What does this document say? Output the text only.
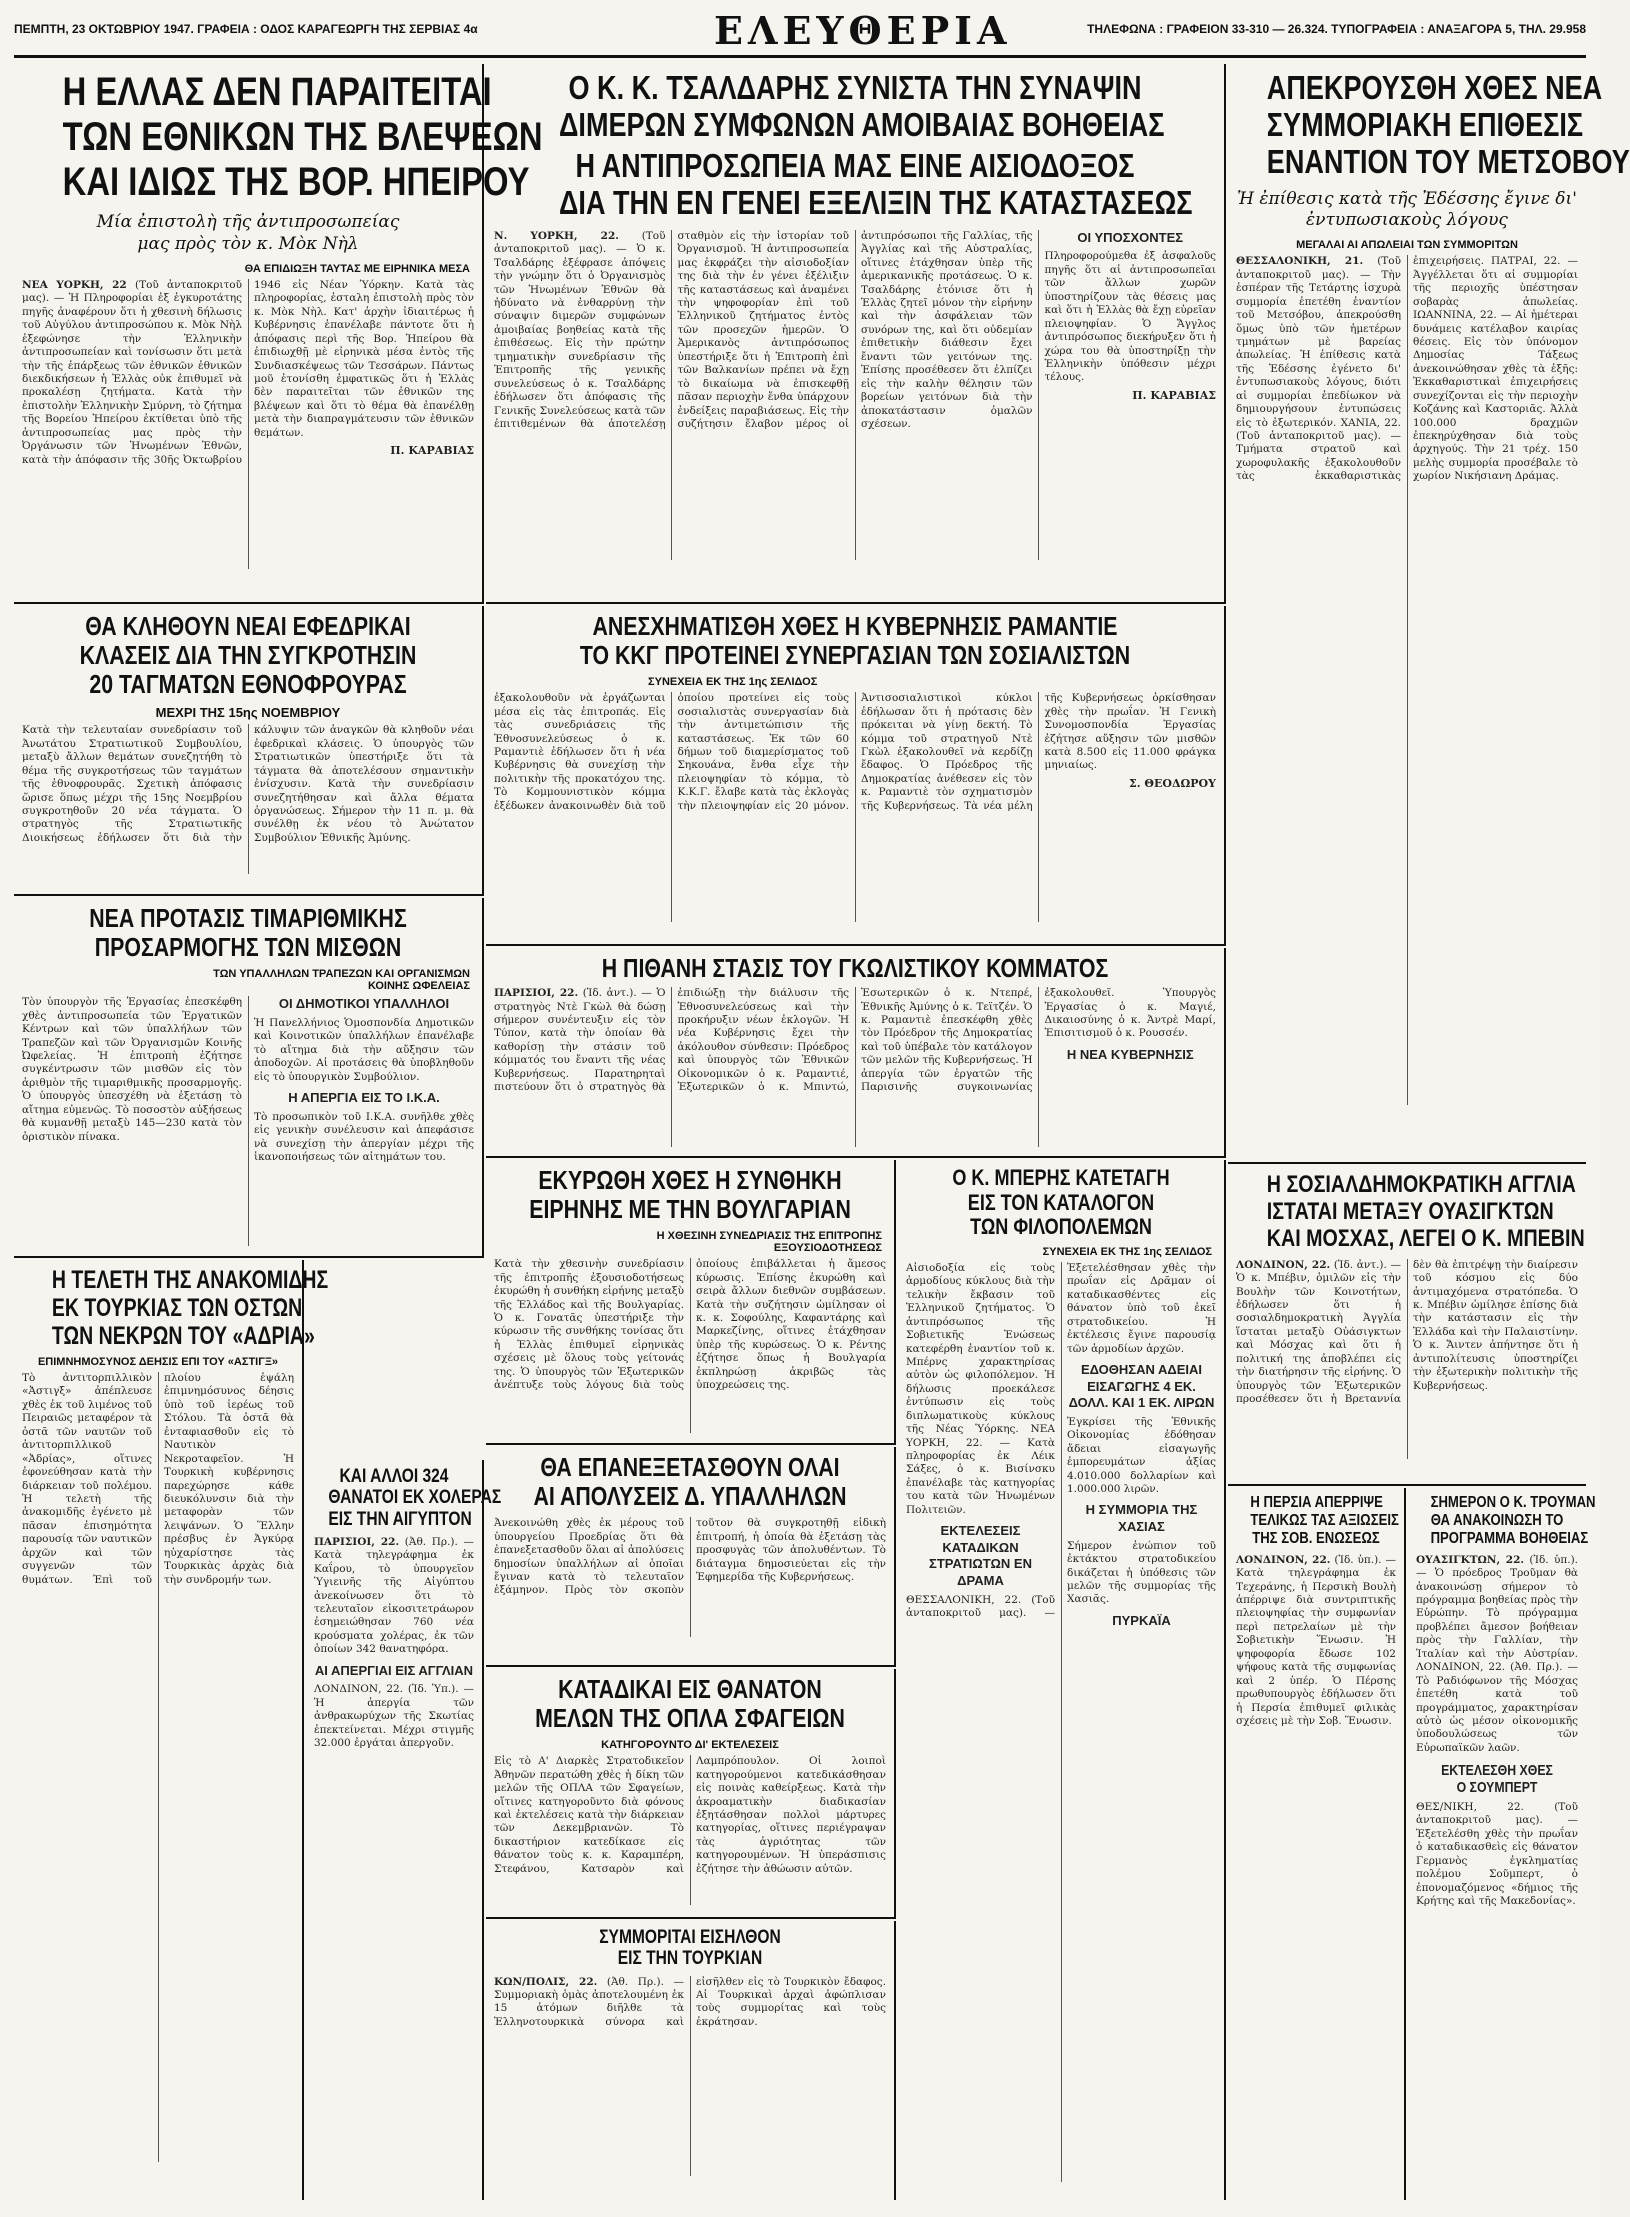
ΠΕΜΠΤΗ, 23 ΟΚΤΩΒΡΙΟΥ 1947. ΓΡΑΦΕΙΑ : ΟΔΟΣ ΚΑΡΑΓΕΩΡΓΗ ΤΗΣ ΣΕΡΒΙΑΣ 4α	ΕΛΕΥΘΕΡΙΑ	ΤΗΛΕΦΩΝΑ : ΓΡΑΦΕΙΟΝ 33-310 — 26.324. ΤΥΠΟΓΡΑΦΕΙΑ : ΑΝΑΞΑΓΟΡΑ 5, ΤΗΛ. 29.958
Η ΕΛΛΑΣ ΔΕΝ ΠΑΡΑΙΤΕΙΤΑΙ
ΤΩΝ ΕΘΝΙΚΩΝ ΤΗΣ ΒΛΕΨΕΩΝ
ΚΑΙ ΙΔΙΩΣ ΤΗΣ ΒΟΡ. ΗΠΕΙΡΟΥ
Μία ἐπιστολὴ τῆς ἀντιπροσωπείας μας πρὸς τὸν κ. Μὸκ Νὴλ
ΘΑ ΕΠΙΔΙΩΞΗ ΤΑΥΤΑΣ ΜΕ ΕΙΡΗΝΙΚΑ ΜΕΣΑ
ΝΕΑ ΥΟΡΚΗ, 22 (Τοῦ ἀνταποκριτοῦ μας). — Ἡ Πληροφορίαι ἐξ ἐγκυροτάτης πηγῆς ἀναφέρουν ὅτι ἡ χθεσινὴ δήλωσις τοῦ Αὐγύλου ἀντιπροσώπου κ. Μὸκ Νὴλ ἐξεφώνησε τὴν Ἑλληνικὴν ἀντιπροσωπείαν καὶ τονίσωσιν ὅτι μετὰ τὴν τῆς ἐπάρξεως τῶν ἐθνικῶν ἐθνικῶν διεκδικήσεων ἡ Ἑλλὰς οὐκ ἐπιθυμεῖ νὰ προκαλέσῃ ζητήματα. Κατὰ τὴν ἐπιστολὴν Ἑλληνικὴν Σμύρνη, τὸ ζήτημα τῆς Βορείου Ἠπείρου ἐκτίθεται ὑπὸ τῆς ἀντιπροσωπείας μας πρὸς τὴν Ὀργάνωσιν τῶν Ἡνωμένων Ἐθνῶν, κατὰ τὴν ἀπόφασιν τῆς 30ῆς Ὀκτωβρίου 1946 εἰς Νέαν Ὑόρκην. Κατὰ τὰς πληροφορίας, ἐσταλη ἐπιστολὴ πρὸς τὸν κ. Μὸκ Νὴλ. Κατ' ἀρχὴν ἰδιαιτέρως ἡ Κυβέρνησις ἐπανέλαβε πάντοτε ὅτι ἡ ἀπόφασις περὶ τῆς Βορ. Ἠπείρου θὰ ἐπιδιωχθῇ μὲ εἰρηνικὰ μέσα ἐντὸς τῆς Συνδιασκέψεως τῶν Τεσσάρων. Πάντως μοῦ ἐτονίσθη ἐμφατικῶς ὅτι ἡ Ἑλλὰς δὲν παραιτεῖται τῶν ἐθνικῶν της βλέψεων καὶ ὅτι τὸ θέμα θὰ ἐπανέλθῃ μετὰ τὴν διαπραγμάτευσιν τῶν ἐθνικῶν θεμάτων.
Π. ΚΑΡΑΒΙΑΣ
Ο Κ. Κ. ΤΣΑΛΔΑΡΗΣ ΣΥΝΙΣΤΑ ΤΗΝ ΣΥΝΑΨΙΝ
ΔΙΜΕΡΩΝ ΣΥΜΦΩΝΩΝ ΑΜΟΙΒΑΙΑΣ ΒΟΗΘΕΙΑΣ
Η ΑΝΤΙΠΡΟΣΩΠΕΙΑ ΜΑΣ ΕΙΝΕ ΑΙΣΙΟΔΟΞΟΣ
ΔΙΑ ΤΗΝ ΕΝ ΓΕΝΕΙ ΕΞΕΛΙΞΙΝ ΤΗΣ ΚΑΤΑΣΤΑΣΕΩΣ
Ν. ΥΟΡΚΗ, 22. (Τοῦ ἀνταποκριτοῦ μας). — Ὁ κ. Τσαλδάρης ἐξέφρασε ἀπόψεις τὴν γνώμην ὅτι ὁ Ὀργανισμὸς τῶν Ἡνωμένων Ἐθνῶν θὰ ἠδύνατο νὰ ἐνθαρρύνῃ τὴν σύναψιν διμερῶν συμφώνων ἀμοιβαίας βοηθείας κατὰ τῆς ἐπιθέσεως. Εἰς τὴν πρώτην τμηματικὴν συνεδρίασιν τῆς Ἐπιτροπῆς τῆς γενικῆς συνελεύσεως ὁ κ. Τσαλδάρης ἐδήλωσεν ὅτι ἀπόφασις τῆς Γενικῆς Συνελεύσεως κατὰ τῶν ἐπιτιθεμένων θὰ ἀποτελέσῃ σταθμὸν εἰς τὴν ἱστορίαν τοῦ Ὀργανισμοῦ. Ἡ ἀντιπροσωπεία μας ἐκφράζει τὴν αἰσιοδοξίαν της διὰ τὴν ἐν γένει ἐξέλιξιν τῆς καταστάσεως καὶ ἀναμένει τὴν ψηφοφορίαν ἐπὶ τοῦ Ἑλληνικοῦ ζητήματος ἐντὸς τῶν προσεχῶν ἡμερῶν. Ὁ Ἀμερικανὸς ἀντιπρόσωπος ὑπεστήριξε ὅτι ἡ Ἐπιτροπὴ ἐπὶ τῶν Βαλκανίων πρέπει νὰ ἔχῃ τὸ δικαίωμα νὰ ἐπισκεφθῇ πᾶσαν περιοχὴν ἔνθα ὑπάρχουν ἐνδείξεις παραβιάσεως. Εἰς τὴν συζήτησιν ἔλαβον μέρος οἱ ἀντιπρόσωποι τῆς Γαλλίας, τῆς Ἀγγλίας καὶ τῆς Αὐστραλίας, οἵτινες ἐτάχθησαν ὑπὲρ τῆς ἀμερικανικῆς προτάσεως. Ὁ κ. Τσαλδάρης ἐτόνισε ὅτι ἡ Ἑλλὰς ζητεῖ μόνον τὴν εἰρήνην καὶ τὴν ἀσφάλειαν τῶν συνόρων της, καὶ ὅτι οὐδεμίαν ἐπιθετικὴν διάθεσιν ἔχει ἔναντι τῶν γειτόνων της. Ἐπίσης προσέθεσεν ὅτι ἐλπίζει εἰς τὴν καλὴν θέλησιν τῶν βορείων γειτόνων διὰ τὴν ἀποκατάστασιν ὁμαλῶν σχέσεων.
ΟΙ ΥΠΟΣΧΟΝΤΕΣ
Πληροφορούμεθα ἐξ ἀσφαλοῦς πηγῆς ὅτι αἱ ἀντιπροσωπεῖαι τῶν ἄλλων χωρῶν ὑποστηρίζουν τὰς θέσεις μας καὶ ὅτι ἡ Ἑλλὰς θὰ ἔχῃ εὐρεῖαν πλειοψηφίαν. Ὁ Ἄγγλος ἀντιπρόσωπος διεκήρυξεν ὅτι ἡ χώρα του θὰ ὑποστηρίξῃ τὴν Ἑλληνικὴν ὑπόθεσιν μέχρι τέλους.
Π. ΚΑΡΑΒΙΑΣ
ΑΠΕΚΡΟΥΣΘΗ ΧΘΕΣ ΝΕΑ
ΣΥΜΜΟΡΙΑΚΗ ΕΠΙΘΕΣΙΣ
ΕΝΑΝΤΙΟΝ ΤΟΥ ΜΕΤΣΟΒΟΥ
Ἡ ἐπίθεσις κατὰ τῆς Ἐδέσσης ἔγινε δι' ἐντυπωσιακοὺς λόγους
ΜΕΓΑΛΑΙ ΑΙ ΑΠΩΛΕΙΑΙ ΤΩΝ ΣΥΜΜΟΡΙΤΩΝ
ΘΕΣΣΑΛΟΝΙΚΗ, 21. (Τοῦ ἀνταποκριτοῦ μας). — Τὴν ἑσπέραν τῆς Τετάρτης ἰσχυρὰ συμμορία ἐπετέθη ἐναντίον τοῦ Μετσόβου, ἀπεκρούσθη ὅμως ὑπὸ τῶν ἡμετέρων τμημάτων μὲ βαρείας ἀπωλείας. Ἡ ἐπίθεσις κατὰ τῆς Ἐδέσσης ἐγένετο δι' ἐντυπωσιακοὺς λόγους, διότι αἱ συμμορίαι ἐπεδίωκον νὰ δημιουργήσουν ἐντυπώσεις εἰς τὸ ἐξωτερικόν. ΧΑΝΙΑ, 22. (Τοῦ ἀνταποκριτοῦ μας). — Τμήματα στρατοῦ καὶ χωροφυλακῆς ἐξακολουθοῦν τὰς ἐκκαθαριστικὰς ἐπιχειρήσεις. ΠΑΤΡΑΙ, 22. — Ἀγγέλλεται ὅτι αἱ συμμορίαι τῆς περιοχῆς ὑπέστησαν σοβαρὰς ἀπωλείας. ΙΩΑΝΝΙΝΑ, 22. — Αἱ ἡμέτεραι δυνάμεις κατέλαβον καιρίας θέσεις. Εἰς τὸν ὑπόνομον Δημοσίας Τάξεως ἀνεκοινώθησαν χθὲς τὰ ἑξῆς: Ἐκκαθαριστικαὶ ἐπιχειρήσεις συνεχίζονται εἰς τὴν περιοχὴν Κοζάνης καὶ Καστοριᾶς. Ἀλλὰ 100.000 δραχμῶν ἐπεκηρύχθησαν διὰ τοὺς ἀρχηγούς. Τὴν 21 τρέχ. 150 μελὴς συμμορία προσέβαλε τὸ χωρίον Νικήσιανη Δράμας.
ΘΑ ΚΛΗΘΟΥΝ ΝΕΑΙ ΕΦΕΔΡΙΚΑΙ
ΚΛΑΣΕΙΣ ΔΙΑ ΤΗΝ ΣΥΓΚΡΟΤΗΣΙΝ
20 ΤΑΓΜΑΤΩΝ ΕΘΝΟΦΡΟΥΡΑΣ
ΜΕΧΡΙ ΤΗΣ 15ης ΝΟΕΜΒΡΙΟΥ
Κατὰ τὴν τελευταίαν συνεδρίασιν τοῦ Ἀνωτάτου Στρατιωτικοῦ Συμβουλίου, μεταξὺ ἄλλων θεμάτων συνεζητήθη τὸ θέμα τῆς συγκροτήσεως τῶν ταγμάτων τῆς ἐθνοφρουρᾶς. Σχετικὴ ἀπόφασις ὥρισε ὅπως μέχρι τῆς 15ης Νοεμβρίου συγκροτηθοῦν 20 νέα τάγματα. Ὁ στρατηγὸς τῆς Στρατιωτικῆς Διοικήσεως ἐδήλωσεν ὅτι διὰ τὴν κάλυψιν τῶν ἀναγκῶν θὰ κληθοῦν νέαι ἐφεδρικαὶ κλάσεις. Ὁ ὑπουργὸς τῶν Στρατιωτικῶν ὑπεστήριξε ὅτι τὰ τάγματα θὰ ἀποτελέσουν σημαντικὴν ἐνίσχυσιν. Κατὰ τὴν συνεδρίασιν συνεζητήθησαν καὶ ἄλλα θέματα ὀργανώσεως. Σήμερον τὴν 11 π. μ. θὰ συνέλθῃ ἐκ νέου τὸ Ἀνώτατον Συμβούλιον Ἐθνικῆς Ἀμύνης.
ΑΝΕΣΧΗΜΑΤΙΣΘΗ ΧΘΕΣ Η ΚΥΒΕΡΝΗΣΙΣ ΡΑΜΑΝΤΙΕ
ΤΟ ΚΚΓ ΠΡΟΤΕΙΝΕΙ ΣΥΝΕΡΓΑΣΙΑΝ ΤΩΝ ΣΟΣΙΑΛΙΣΤΩΝ
ΣΥΝΕΧΕΙΑ ΕΚ ΤΗΣ 1ης ΣΕΛΙΔΟΣ
ἐξακολουθοῦν νὰ ἐργάζωνται μέσα εἰς τὰς ἐπιτροπάς. Εἰς τὰς συνεδριάσεις τῆς Ἐθνοσυνελεύσεως ὁ κ. Ραμαντιὲ ἐδήλωσεν ὅτι ἡ νέα Κυβέρνησις θὰ συνεχίσῃ τὴν πολιτικὴν τῆς προκατόχου της. Τὸ Κομμουνιστικὸν κόμμα ἐξέδωκεν ἀνακοινωθὲν διὰ τοῦ ὁποίου προτείνει εἰς τοὺς σοσιαλιστὰς συνεργασίαν διὰ τὴν ἀντιμετώπισιν τῆς καταστάσεως. Ἐκ τῶν 60 δήμων τοῦ διαμερίσματος τοῦ Σηκουάνα, ἔνθα εἶχε τὴν πλειοψηφίαν τὸ κόμμα, τὸ Κ.Κ.Γ. ἔλαβε κατὰ τὰς ἐκλογὰς τὴν πλειοψηφίαν εἰς 20 μόνον. Ἀντισοσιαλιστικοὶ κύκλοι ἐδήλωσαν ὅτι ἡ πρότασις δὲν πρόκειται νὰ γίνῃ δεκτή. Τὸ κόμμα τοῦ στρατηγοῦ Ντὲ Γκὼλ ἐξακολουθεῖ νὰ κερδίζῃ ἔδαφος. Ὁ Πρόεδρος τῆς Δημοκρατίας ἀνέθεσεν εἰς τὸν κ. Ραμαντιὲ τὸν σχηματισμὸν τῆς Κυβερνήσεως. Τὰ νέα μέλη τῆς Κυβερνήσεως ὁρκίσθησαν χθὲς τὴν πρωΐαν. Ἡ Γενικὴ Συνομοσπονδία Ἐργασίας ἐζήτησε αὔξησιν τῶν μισθῶν κατὰ 8.500 εἰς 11.000 φράγκα μηνιαίως.
Σ. ΘΕΟΔΩΡΟΥ
ΝΕΑ ΠΡΟΤΑΣΙΣ ΤΙΜΑΡΙΘΜΙΚΗΣ
ΠΡΟΣΑΡΜΟΓΗΣ ΤΩΝ ΜΙΣΘΩΝ
ΤΩΝ ΥΠΑΛΛΗΛΩΝ ΤΡΑΠΕΖΩΝ ΚΑΙ ΟΡΓΑΝΙΣΜΩΝ ΚΟΙΝΗΣ ΩΦΕΛΕΙΑΣ
Τὸν ὑπουργὸν τῆς Ἐργασίας ἐπεσκέφθη χθὲς ἀντιπροσωπεία τῶν Ἐργατικῶν Κέντρων καὶ τῶν ὑπαλλήλων τῶν Τραπεζῶν καὶ τῶν Ὀργανισμῶν Κοινῆς Ὠφελείας. Ἡ ἐπιτροπὴ ἐζήτησε συγκέντρωσιν τῶν μισθῶν εἰς τὸν ἀριθμὸν τῆς τιμαριθμικῆς προσαρμογῆς. Ὁ ὑπουργὸς ὑπεσχέθη νὰ ἐξετάσῃ τὸ αἴτημα εὐμενῶς. Τὸ ποσοστὸν αὐξήσεως θὰ κυμανθῇ μεταξὺ 145—230 κατὰ τὸν ὁριστικὸν πίνακα.
ΟΙ ΔΗΜΟΤΙΚΟΙ ΥΠΑΛΛΗΛΟΙ
Ἡ Πανελλήνιος Ὁμοσπονδία Δημοτικῶν καὶ Κοινοτικῶν ὑπαλλήλων ἐπανέλαβε τὸ αἴτημα διὰ τὴν αὔξησιν τῶν ἀποδοχῶν. Αἱ προτάσεις θὰ ὑποβληθοῦν εἰς τὸ ὑπουργικὸν Συμβούλιον.
Η ΑΠΕΡΓΙΑ ΕΙΣ ΤΟ Ι.Κ.Α.
Τὸ προσωπικὸν τοῦ Ι.Κ.Α. συνῆλθε χθὲς εἰς γενικὴν συνέλευσιν καὶ ἀπεφάσισε νὰ συνεχίσῃ τὴν ἀπεργίαν μέχρι τῆς ἱκανοποιήσεως τῶν αἰτημάτων του.
Η ΠΙΘΑΝΗ ΣΤΑΣΙΣ ΤΟΥ ΓΚΩΛΙΣΤΙΚΟΥ ΚΟΜΜΑΤΟΣ
ΠΑΡΙΣΙΟΙ, 22. (Ἰδ. ἀντ.). — Ὁ στρατηγὸς Ντὲ Γκὼλ θὰ δώσῃ σήμερον συνέντευξιν εἰς τὸν Τύπον, κατὰ τὴν ὁποίαν θὰ καθορίσῃ τὴν στάσιν τοῦ κόμματός του ἔναντι τῆς νέας Κυβερνήσεως. Παρατηρηταὶ πιστεύουν ὅτι ὁ στρατηγὸς θὰ ἐπιδιώξῃ τὴν διάλυσιν τῆς Ἐθνοσυνελεύσεως καὶ τὴν προκήρυξιν νέων ἐκλογῶν. Ἡ νέα Κυβέρνησις ἔχει τὴν ἀκόλουθον σύνθεσιν: Πρόεδρος καὶ ὑπουργὸς τῶν Ἐθνικῶν Οἰκονομικῶν ὁ κ. Ραμαντιέ, Ἐξωτερικῶν ὁ κ. Μπιντώ, Ἐσωτερικῶν ὁ κ. Ντεπρέ, Ἐθνικῆς Ἀμύνης ὁ κ. Τεϊτζέν. Ὁ κ. Ραμαντιὲ ἐπεσκέφθη χθὲς τὸν Πρόεδρον τῆς Δημοκρατίας καὶ τοῦ ὑπέβαλε τὸν κατάλογον τῶν μελῶν τῆς Κυβερνήσεως. Ἡ ἀπεργία τῶν ἐργατῶν τῆς Παρισινῆς συγκοινωνίας ἐξακολουθεῖ. Ὑπουργὸς Ἐργασίας ὁ κ. Μαγιέ, Δικαιοσύνης ὁ κ. Ἀντρὲ Μαρί, Ἐπισιτισμοῦ ὁ κ. Ρουσσέν.
Η ΝΕΑ ΚΥΒΕΡΝΗΣΙΣ
ΕΚΥΡΩΘΗ ΧΘΕΣ Η ΣΥΝΘΗΚΗ
ΕΙΡΗΝΗΣ ΜΕ ΤΗΝ ΒΟΥΛΓΑΡΙΑΝ
Η ΧΘΕΣΙΝΗ ΣΥΝΕΔΡΙΑΣΙΣ ΤΗΣ ΕΠΙΤΡΟΠΗΣ ΕΞΟΥΣΙΟΔΟΤΗΣΕΩΣ
Κατὰ τὴν χθεσινὴν συνεδρίασιν τῆς ἐπιτροπῆς ἐξουσιοδοτήσεως ἐκυρώθη ἡ συνθήκη εἰρήνης μεταξὺ τῆς Ἑλλάδος καὶ τῆς Βουλγαρίας. Ὁ κ. Γονατᾶς ὑπεστήριξε τὴν κύρωσιν τῆς συνθήκης τονίσας ὅτι ἡ Ἑλλὰς ἐπιθυμεῖ εἰρηνικὰς σχέσεις μὲ ὅλους τοὺς γείτονάς της. Ὁ ὑπουργὸς τῶν Ἐξωτερικῶν ἀνέπτυξε τοὺς λόγους διὰ τοὺς ὁποίους ἐπιβάλλεται ἡ ἄμεσος κύρωσις. Ἐπίσης ἐκυρώθη καὶ σειρὰ ἄλλων διεθνῶν συμβάσεων. Κατὰ τὴν συζήτησιν ὡμίλησαν οἱ κ. κ. Σοφούλης, Καφαντάρης καὶ Μαρκεζίνης, οἵτινες ἐτάχθησαν ὑπὲρ τῆς κυρώσεως. Ὁ κ. Ρέντης ἐζήτησε ὅπως ἡ Βουλγαρία ἐκπληρώσῃ ἀκριβῶς τὰς ὑποχρεώσεις της.
Ο Κ. ΜΠΕΡΗΣ ΚΑΤΕΤΑΓΗ
ΕΙΣ ΤΟΝ ΚΑΤΑΛΟΓΟΝ
ΤΩΝ ΦΙΛΟΠΟΛΕΜΩΝ
ΣΥΝΕΧΕΙΑ ΕΚ ΤΗΣ 1ης ΣΕΛΙΔΟΣ
Αἰσιοδοξία εἰς τοὺς ἀρμοδίους κύκλους διὰ τὴν τελικὴν ἔκβασιν τοῦ Ἑλληνικοῦ ζητήματος. Ὁ ἀντιπρόσωπος τῆς Σοβιετικῆς Ἑνώσεως κατεφέρθη ἐναντίον τοῦ κ. Μπέρνς χαρακτηρίσας αὐτὸν ὡς φιλοπόλεμον. Ἡ δήλωσις προεκάλεσε ἐντύπωσιν εἰς τοὺς διπλωματικοὺς κύκλους τῆς Νέας Ὑόρκης. ΝΕΑ ΥΟΡΚΗ, 22. — Κατὰ πληροφορίας ἐκ Λέικ Σάξες, ὁ κ. Βισίνσκυ ἐπανέλαβε τὰς κατηγορίας του κατὰ τῶν Ἡνωμένων Πολιτειῶν.
ΕΚΤΕΛΕΣΕΙΣ ΚΑΤΑΔΙΚΩΝ ΣΤΡΑΤΙΩΤΩΝ ΕΝ ΔΡΑΜΑ
ΘΕΣΣΑΛΟΝΙΚΗ, 22. (Τοῦ ἀνταποκριτοῦ μας). — Ἐξετελέσθησαν χθὲς τὴν πρωΐαν εἰς Δρᾶμαν οἱ καταδικασθέντες εἰς θάνατον ὑπὸ τοῦ ἐκεῖ στρατοδικείου. Ἡ ἐκτέλεσις ἔγινε παρουσίᾳ τῶν ἀρμοδίων ἀρχῶν.
ΕΔΟΘΗΣΑΝ ΑΔΕΙΑΙ ΕΙΣΑΓΩΓΗΣ 4 ΕΚ. ΔΟΛΛ. ΚΑΙ 1 ΕΚ. ΛΙΡΩΝ
Ἐγκρίσει τῆς Ἐθνικῆς Οἰκονομίας ἐδόθησαν ἄδειαι εἰσαγωγῆς ἐμπορευμάτων ἀξίας 4.010.000 δολλαρίων καὶ 1.000.000 λιρῶν.
Η ΣΥΜΜΟΡΙΑ ΤΗΣ ΧΑΣΙΑΣ
Σήμερον ἐνώπιον τοῦ ἐκτάκτου στρατοδικείου δικάζεται ἡ ὑπόθεσις τῶν μελῶν τῆς συμμορίας τῆς Χασιᾶς.
ΠΥΡΚΑΪΑ
Η ΣΟΣΙΑΛΔΗΜΟΚΡΑΤΙΚΗ ΑΓΓΛΙΑ
ΙΣΤΑΤΑΙ ΜΕΤΑΞΥ ΟΥΑΣΙΓΚΤΩΝ
ΚΑΙ ΜΟΣΧΑΣ, ΛΕΓΕΙ Ο Κ. ΜΠΕΒΙΝ
ΛΟΝΔΙΝΟΝ, 22. (Ἰδ. ἀντ.). — Ὁ κ. Μπέβιν, ὁμιλῶν εἰς τὴν Βουλὴν τῶν Κοινοτήτων, ἐδήλωσεν ὅτι ἡ σοσιαλδημοκρατικὴ Ἀγγλία ἵσταται μεταξὺ Οὐάσιγκτων καὶ Μόσχας καὶ ὅτι ἡ πολιτική της ἀποβλέπει εἰς τὴν διατήρησιν τῆς εἰρήνης. Ὁ ὑπουργὸς τῶν Ἐξωτερικῶν προσέθεσεν ὅτι ἡ Βρεταννία δὲν θὰ ἐπιτρέψῃ τὴν διαίρεσιν τοῦ κόσμου εἰς δύο ἀντιμαχόμενα στρατόπεδα. Ὁ κ. Μπέβιν ὡμίλησε ἐπίσης διὰ τὴν κατάστασιν εἰς τὴν Ἑλλάδα καὶ τὴν Παλαιστίνην. Ὁ κ. Ἄιντεν ἀπήντησε ὅτι ἡ ἀντιπολίτευσις ὑποστηρίζει τὴν ἐξωτερικὴν πολιτικὴν τῆς Κυβερνήσεως.
ΘΑ ΕΠΑΝΕΞΕΤΑΣΘΟΥΝ ΟΛΑΙ
ΑΙ ΑΠΟΛΥΣΕΙΣ Δ. ΥΠΑΛΛΗΛΩΝ
Ἀνεκοινώθη χθὲς ἐκ μέρους τοῦ ὑπουργείου Προεδρίας ὅτι θὰ ἐπανεξετασθοῦν ὅλαι αἱ ἀπολύσεις δημοσίων ὑπαλλήλων αἱ ὁποῖαι ἔγιναν κατὰ τὸ τελευταῖον ἑξάμηνον. Πρὸς τὸν σκοπὸν τοῦτον θὰ συγκροτηθῇ εἰδικὴ ἐπιτροπή, ἡ ὁποία θὰ ἐξετάσῃ τὰς προσφυγὰς τῶν ἀπολυθέντων. Τὸ διάταγμα δημοσιεύεται εἰς τὴν Ἐφημερίδα τῆς Κυβερνήσεως.
Η ΤΕΛΕΤΗ ΤΗΣ ΑΝΑΚΟΜΙΔΗΣ
ΕΚ ΤΟΥΡΚΙΑΣ ΤΩΝ ΟΣΤΩΝ
ΤΩΝ ΝΕΚΡΩΝ ΤΟΥ «ΑΔΡΙΑ»
ΕΠΙΜΝΗΜΟΣΥΝΟΣ ΔΕΗΣΙΣ ΕΠΙ ΤΟΥ «ΑΣΤΙΓΞ»
Τὸ ἀντιτορπιλλικὸν «Ἀστιγξ» ἀπέπλευσε χθὲς ἐκ τοῦ λιμένος τοῦ Πειραιῶς μεταφέρον τὰ ὀστᾶ τῶν ναυτῶν τοῦ ἀντιτορπιλλικοῦ «Ἀδρίας», οἵτινες ἐφονεύθησαν κατὰ τὴν διάρκειαν τοῦ πολέμου. Ἡ τελετὴ τῆς ἀνακομιδῆς ἐγένετο μὲ πᾶσαν ἐπισημότητα παρουσίᾳ τῶν ναυτικῶν ἀρχῶν καὶ τῶν συγγενῶν τῶν θυμάτων. Ἐπὶ τοῦ πλοίου ἐψάλη ἐπιμνημόσυνος δέησις ὑπὸ τοῦ ἱερέως τοῦ Στόλου. Τὰ ὀστᾶ θὰ ἐνταφιασθοῦν εἰς τὸ Ναυτικὸν Νεκροταφεῖον. Ἡ Τουρκικὴ κυβέρνησις παρεχώρησε κάθε διευκόλυνσιν διὰ τὴν μεταφορὰν τῶν λειψάνων. Ὁ Ἕλλην πρέσβυς ἐν Ἀγκύρᾳ ηὐχαρίστησε τὰς Τουρκικὰς ἀρχὰς διὰ τὴν συνδρομήν των.
ΚΑΙ ΑΛΛΟΙ 324
ΘΑΝΑΤΟΙ ΕΚ ΧΟΛΕΡΑΣ
ΕΙΣ ΤΗΝ ΑΙΓΥΠΤΟΝ
ΠΑΡΙΣΙΟΙ, 22. (Ἀθ. Πρ.). — Κατὰ τηλεγράφημα ἐκ Καΐρου, τὸ ὑπουργεῖον Ὑγιεινῆς τῆς Αἰγύπτου ἀνεκοίνωσεν ὅτι τὸ τελευταῖον εἰκοσιτετράωρον ἐσημειώθησαν 760 νέα κρούσματα χολέρας, ἐκ τῶν ὁποίων 342 θανατηφόρα.
ΑΙ ΑΠΕΡΓΙΑΙ ΕΙΣ ΑΓΓΛΙΑΝ
ΛΟΝΔΙΝΟΝ, 22. (Ἰδ. Ὑπ.). — Ἡ ἀπεργία τῶν ἀνθρακωρύχων τῆς Σκωτίας ἐπεκτείνεται. Μέχρι στιγμῆς 32.000 ἐργάται ἀπεργοῦν.
ΚΑΤΑΔΙΚΑΙ ΕΙΣ ΘΑΝΑΤΟΝ
ΜΕΛΩΝ ΤΗΣ ΟΠΛΑ ΣΦΑΓΕΙΩΝ
ΚΑΤΗΓΟΡΟΥΝΤΟ ΔΙ' ΕΚΤΕΛΕΣΕΙΣ
Εἰς τὸ Α' Διαρκὲς Στρατοδικεῖον Ἀθηνῶν περατώθη χθὲς ἡ δίκη τῶν μελῶν τῆς ΟΠΛΑ τῶν Σφαγείων, οἵτινες κατηγοροῦντο διὰ φόνους καὶ ἐκτελέσεις κατὰ τὴν διάρκειαν τῶν Δεκεμβριανῶν. Τὸ δικαστήριον κατεδίκασε εἰς θάνατον τοὺς κ. κ. Καραμπέρη, Στεφάνου, Κατσαρὸν καὶ Λαμπρόπουλον. Οἱ λοιποὶ κατηγορούμενοι κατεδικάσθησαν εἰς ποινὰς καθείρξεως. Κατὰ τὴν ἀκροαματικὴν διαδικασίαν ἐξητάσθησαν πολλοὶ μάρτυρες κατηγορίας, οἵτινες περιέγραψαν τὰς ἀγριότητας τῶν κατηγορουμένων. Ἡ ὑπεράσπισις ἐζήτησε τὴν ἀθώωσιν αὐτῶν.
ΣΥΜΜΟΡΙΤΑΙ ΕΙΣΗΛΘΟΝ
ΕΙΣ ΤΗΝ ΤΟΥΡΚΙΑΝ
ΚΩΝ/ΠΟΛΙΣ, 22. (Ἀθ. Πρ.). — Συμμοριακὴ ὁμὰς ἀποτελουμένη ἐκ 15 ἀτόμων διῆλθε τὰ Ἑλληνοτουρκικὰ σύνορα καὶ εἰσῆλθεν εἰς τὸ Τουρκικὸν ἔδαφος. Αἱ Τουρκικαὶ ἀρχαὶ ἀφώπλισαν τοὺς συμμορίτας καὶ τοὺς ἐκράτησαν.
Η ΠΕΡΣΙΑ ΑΠΕΡΡΙΨΕ
ΤΕΛΙΚΩΣ ΤΑΣ ΑΞΙΩΣΕΙΣ
ΤΗΣ ΣΟΒ. ΕΝΩΣΕΩΣ
ΛΟΝΔΙΝΟΝ, 22. (Ἰδ. ὑπ.). — Κατὰ τηλεγράφημα ἐκ Τεχεράνης, ἡ Περσικὴ Βουλὴ ἀπέρριψε διὰ συντριπτικῆς πλειοψηφίας τὴν συμφωνίαν περὶ πετρελαίων μὲ τὴν Σοβιετικὴν Ἕνωσιν. Ἡ ψηφοφορία ἔδωσε 102 ψήφους κατὰ τῆς συμφωνίας καὶ 2 ὑπέρ. Ὁ Πέρσης πρωθυπουργὸς ἐδήλωσεν ὅτι ἡ Περσία ἐπιθυμεῖ φιλικὰς σχέσεις μὲ τὴν Σοβ. Ἕνωσιν.
ΣΗΜΕΡΟΝ Ο Κ. ΤΡΟΥΜΑΝ
ΘΑ ΑΝΑΚΟΙΝΩΣΗ ΤΟ
ΠΡΟΓΡΑΜΜΑ ΒΟΗΘΕΙΑΣ
ΟΥΑΣΙΓΚΤΩΝ, 22. (Ἰδ. ὑπ.). — Ὁ πρόεδρος Τροῦμαν θὰ ἀνακοινώσῃ σήμερον τὸ πρόγραμμα βοηθείας πρὸς τὴν Εὐρώπην. Τὸ πρόγραμμα προβλέπει ἄμεσον βοήθειαν πρὸς τὴν Γαλλίαν, τὴν Ἰταλίαν καὶ τὴν Αὐστρίαν. ΛΟΝΔΙΝΟΝ, 22. (Ἀθ. Πρ.). — Τὸ Ραδιόφωνον τῆς Μόσχας ἐπετέθη κατὰ τοῦ προγράμματος, χαρακτηρίσαν αὐτὸ ὡς μέσον οἰκονομικῆς ὑποδουλώσεως τῶν Εὐρωπαϊκῶν λαῶν.
ΕΚΤΕΛΕΣΘΗ ΧΘΕΣ
Ο ΣΟΥΜΠΕΡΤ
ΘΕΣ/ΝΙΚΗ, 22. (Τοῦ ἀνταποκριτοῦ μας). — Ἐξετελέσθη χθὲς τὴν πρωΐαν ὁ καταδικασθεὶς εἰς θάνατον Γερμανὸς ἐγκληματίας πολέμου Σοῦμπερτ, ὁ ἐπονομαζόμενος «δήμιος τῆς Κρήτης καὶ τῆς Μακεδονίας».
